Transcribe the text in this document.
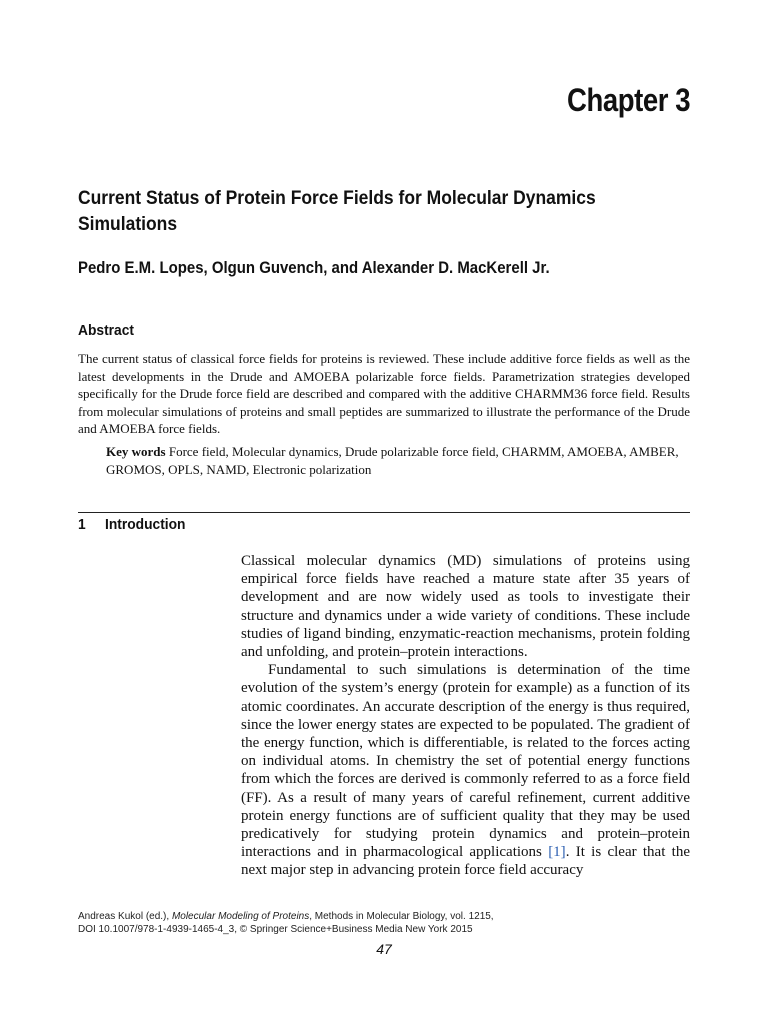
Chapter 3
Current Status of Protein Force Fields for Molecular Dynamics Simulations
Pedro E.M. Lopes, Olgun Guvench, and Alexander D. MacKerell Jr.
Abstract
The current status of classical force fields for proteins is reviewed. These include additive force fields as well as the latest developments in the Drude and AMOEBA polarizable force fields. Parametrization strategies developed specifically for the Drude force field are described and compared with the additive CHARMM36 force field. Results from molecular simulations of proteins and small peptides are summarized to illustrate the performance of the Drude and AMOEBA force fields.
Key words Force field, Molecular dynamics, Drude polarizable force field, CHARMM, AMOEBA, AMBER, GROMOS, OPLS, NAMD, Electronic polarization
1 Introduction

Classical molecular dynamics (MD) simulations of proteins using empirical force fields have reached a mature state after 35 years of development and are now widely used as tools to investigate their structure and dynamics under a wide variety of conditions. These include studies of ligand binding, enzymatic-reaction mechanisms, protein folding and unfolding, and protein–protein interactions.

Fundamental to such simulations is determination of the time evolution of the system’s energy (protein for example) as a function of its atomic coordinates. An accurate description of the energy is thus required, since the lower energy states are expected to be populated. The gradient of the energy function, which is differentiable, is related to the forces acting on individual atoms. In chemistry the set of potential energy functions from which the forces are derived is commonly referred to as a force field (FF). As a result of many years of careful refinement, current additive protein energy functions are of sufficient quality that they may be used predicatively for studying protein dynamics and protein–protein interactions and in pharmacological applications [1]. It is clear that the next major step in advancing protein force field accuracy

Andreas Kukol (ed.), Molecular Modeling of Proteins, Methods in Molecular Biology, vol. 1215,
DOI 10.1007/978-1-4939-1465-4_3, © Springer Science+Business Media New York 2015
47
